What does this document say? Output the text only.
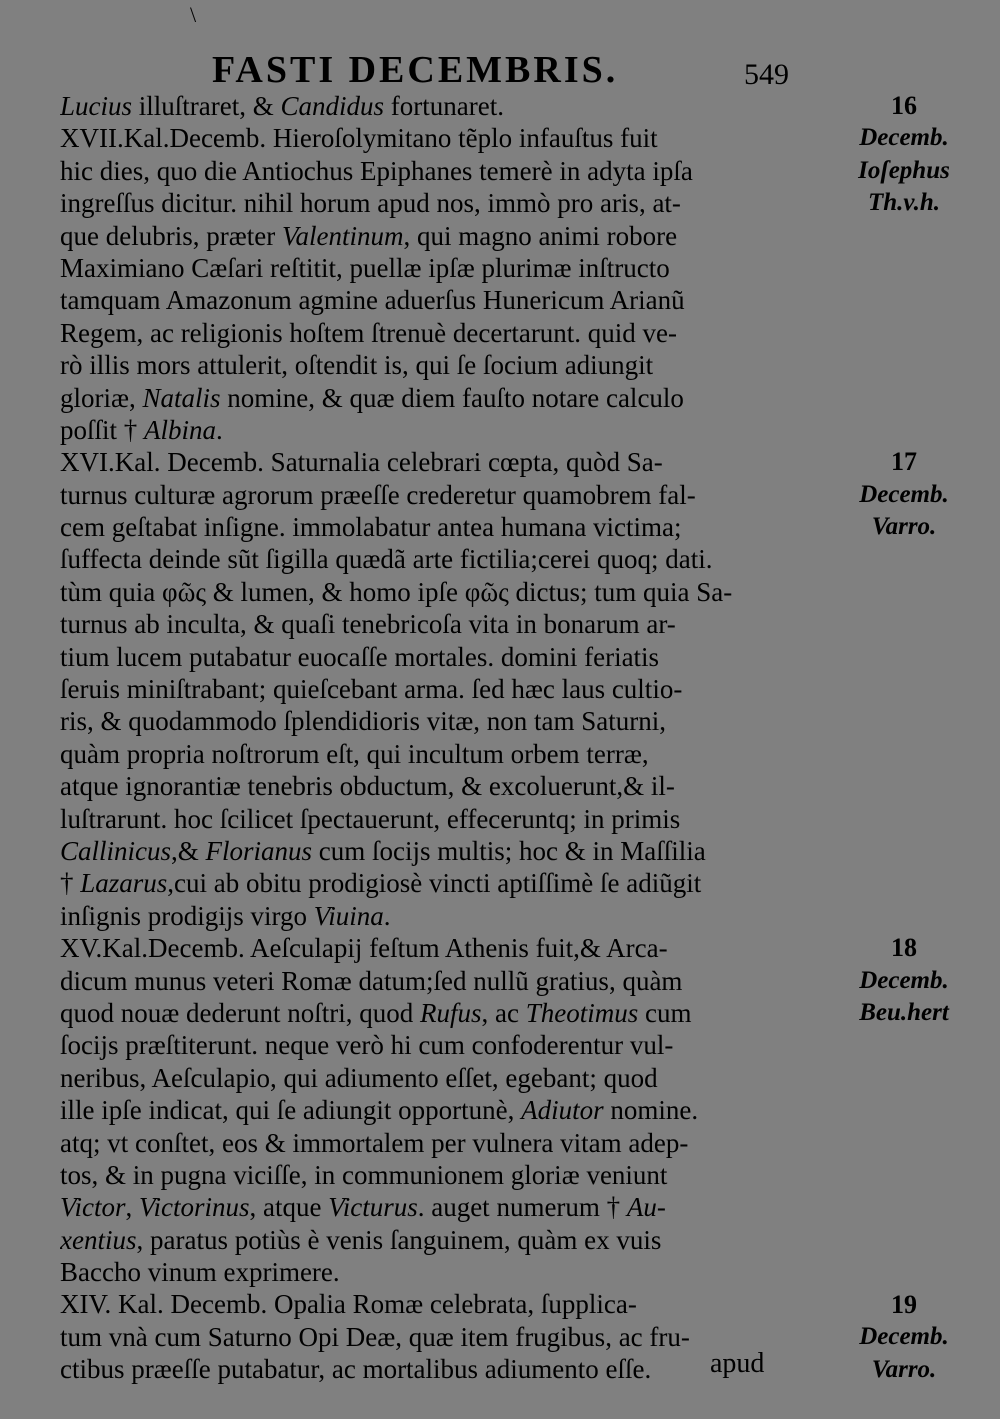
\
FASTI DECEMBRIS.	549
Lucius illuſtraret, & Candidus fortunaret.
XVII.Kal.Decemb. Hieroſolymitano tẽplo infauſtus fuit
hic dies, quo die Antiochus Epiphanes temerè in adyta ipſa
ingreſſus dicitur. nihil horum apud nos, immò pro aris, at-
que delubris, præter Valentinum, qui magno animi robore
Maximiano Cæſari reſtitit, puellæ ipſæ plurimæ inſtructo
tamquam Amazonum agmine aduerſus Hunericum Arianũ
Regem, ac religionis hoſtem ſtrenuè decertarunt. quid ve-
rò illis mors attulerit, oſtendit is, qui ſe ſocium adiungit
gloriæ, Natalis nomine, & quæ diem fauſto notare calculo
poſſit † Albina.
XVI.Kal. Decemb. Saturnalia celebrari cœpta, quòd Sa-
turnus culturæ agrorum præeſſe crederetur quamobrem fal-
cem geſtabat inſigne. immolabatur antea humana victima;
ſuffecta deinde sũt ſigilla quædã arte fictilia;cerei quoq; dati.
tùm quia φῶς & lumen, & homo ipſe φῶς dictus; tum quia Sa-
turnus ab inculta, & quaſi tenebricoſa vita in bonarum ar-
tium lucem putabatur euocaſſe mortales. domini feriatis
ſeruis miniſtrabant; quieſcebant arma. ſed hæc laus cultio-
ris, & quodammodo ſplendidioris vitæ, non tam Saturni,
quàm propria noſtrorum eſt, qui incultum orbem terræ,
atque ignorantiæ tenebris obductum, & excoluerunt,& il-
luſtrarunt. hoc ſcilicet ſpectauerunt, effeceruntq; in primis
Callinicus,& Florianus cum ſocijs multis; hoc & in Maſſilia
† Lazarus,cui ab obitu prodigiosè vincti aptiſſimè ſe adiũgit
inſignis prodigijs virgo Viuina.
XV.Kal.Decemb. Aeſculapij feſtum Athenis fuit,& Arca-
dicum munus veteri Romæ datum;ſed nullũ gratius, quàm
quod nouæ dederunt noſtri, quod Rufus, ac Theotimus cum
ſocijs præſtiterunt. neque verò hi cum confoderentur vul-
neribus, Aeſculapio, qui adiumento eſſet, egebant; quod
ille ipſe indicat, qui ſe adiungit opportunè, Adiutor nomine.
atq; vt conſtet, eos & immortalem per vulnera vitam adep-
tos, & in pugna viciſſe, in communionem gloriæ veniunt
Victor, Victorinus, atque Victurus. auget numerum † Au-
xentius, paratus potiùs è venis ſanguinem, quàm ex vuis
Baccho vinum exprimere.
XIV. Kal. Decemb. Opalia Romæ celebrata, ſupplica-
tum vnà cum Saturno Opi Deæ, quæ item frugibus, ac fru-
ctibus præeſſe putabatur, ac mortalibus adiumento eſſe.
16
Decemb.
Ioſephus
Th.v.h.
17
Decemb.
Varro.
18
Decemb.
Beu.hert
19
Decemb.
Varro.
apud
